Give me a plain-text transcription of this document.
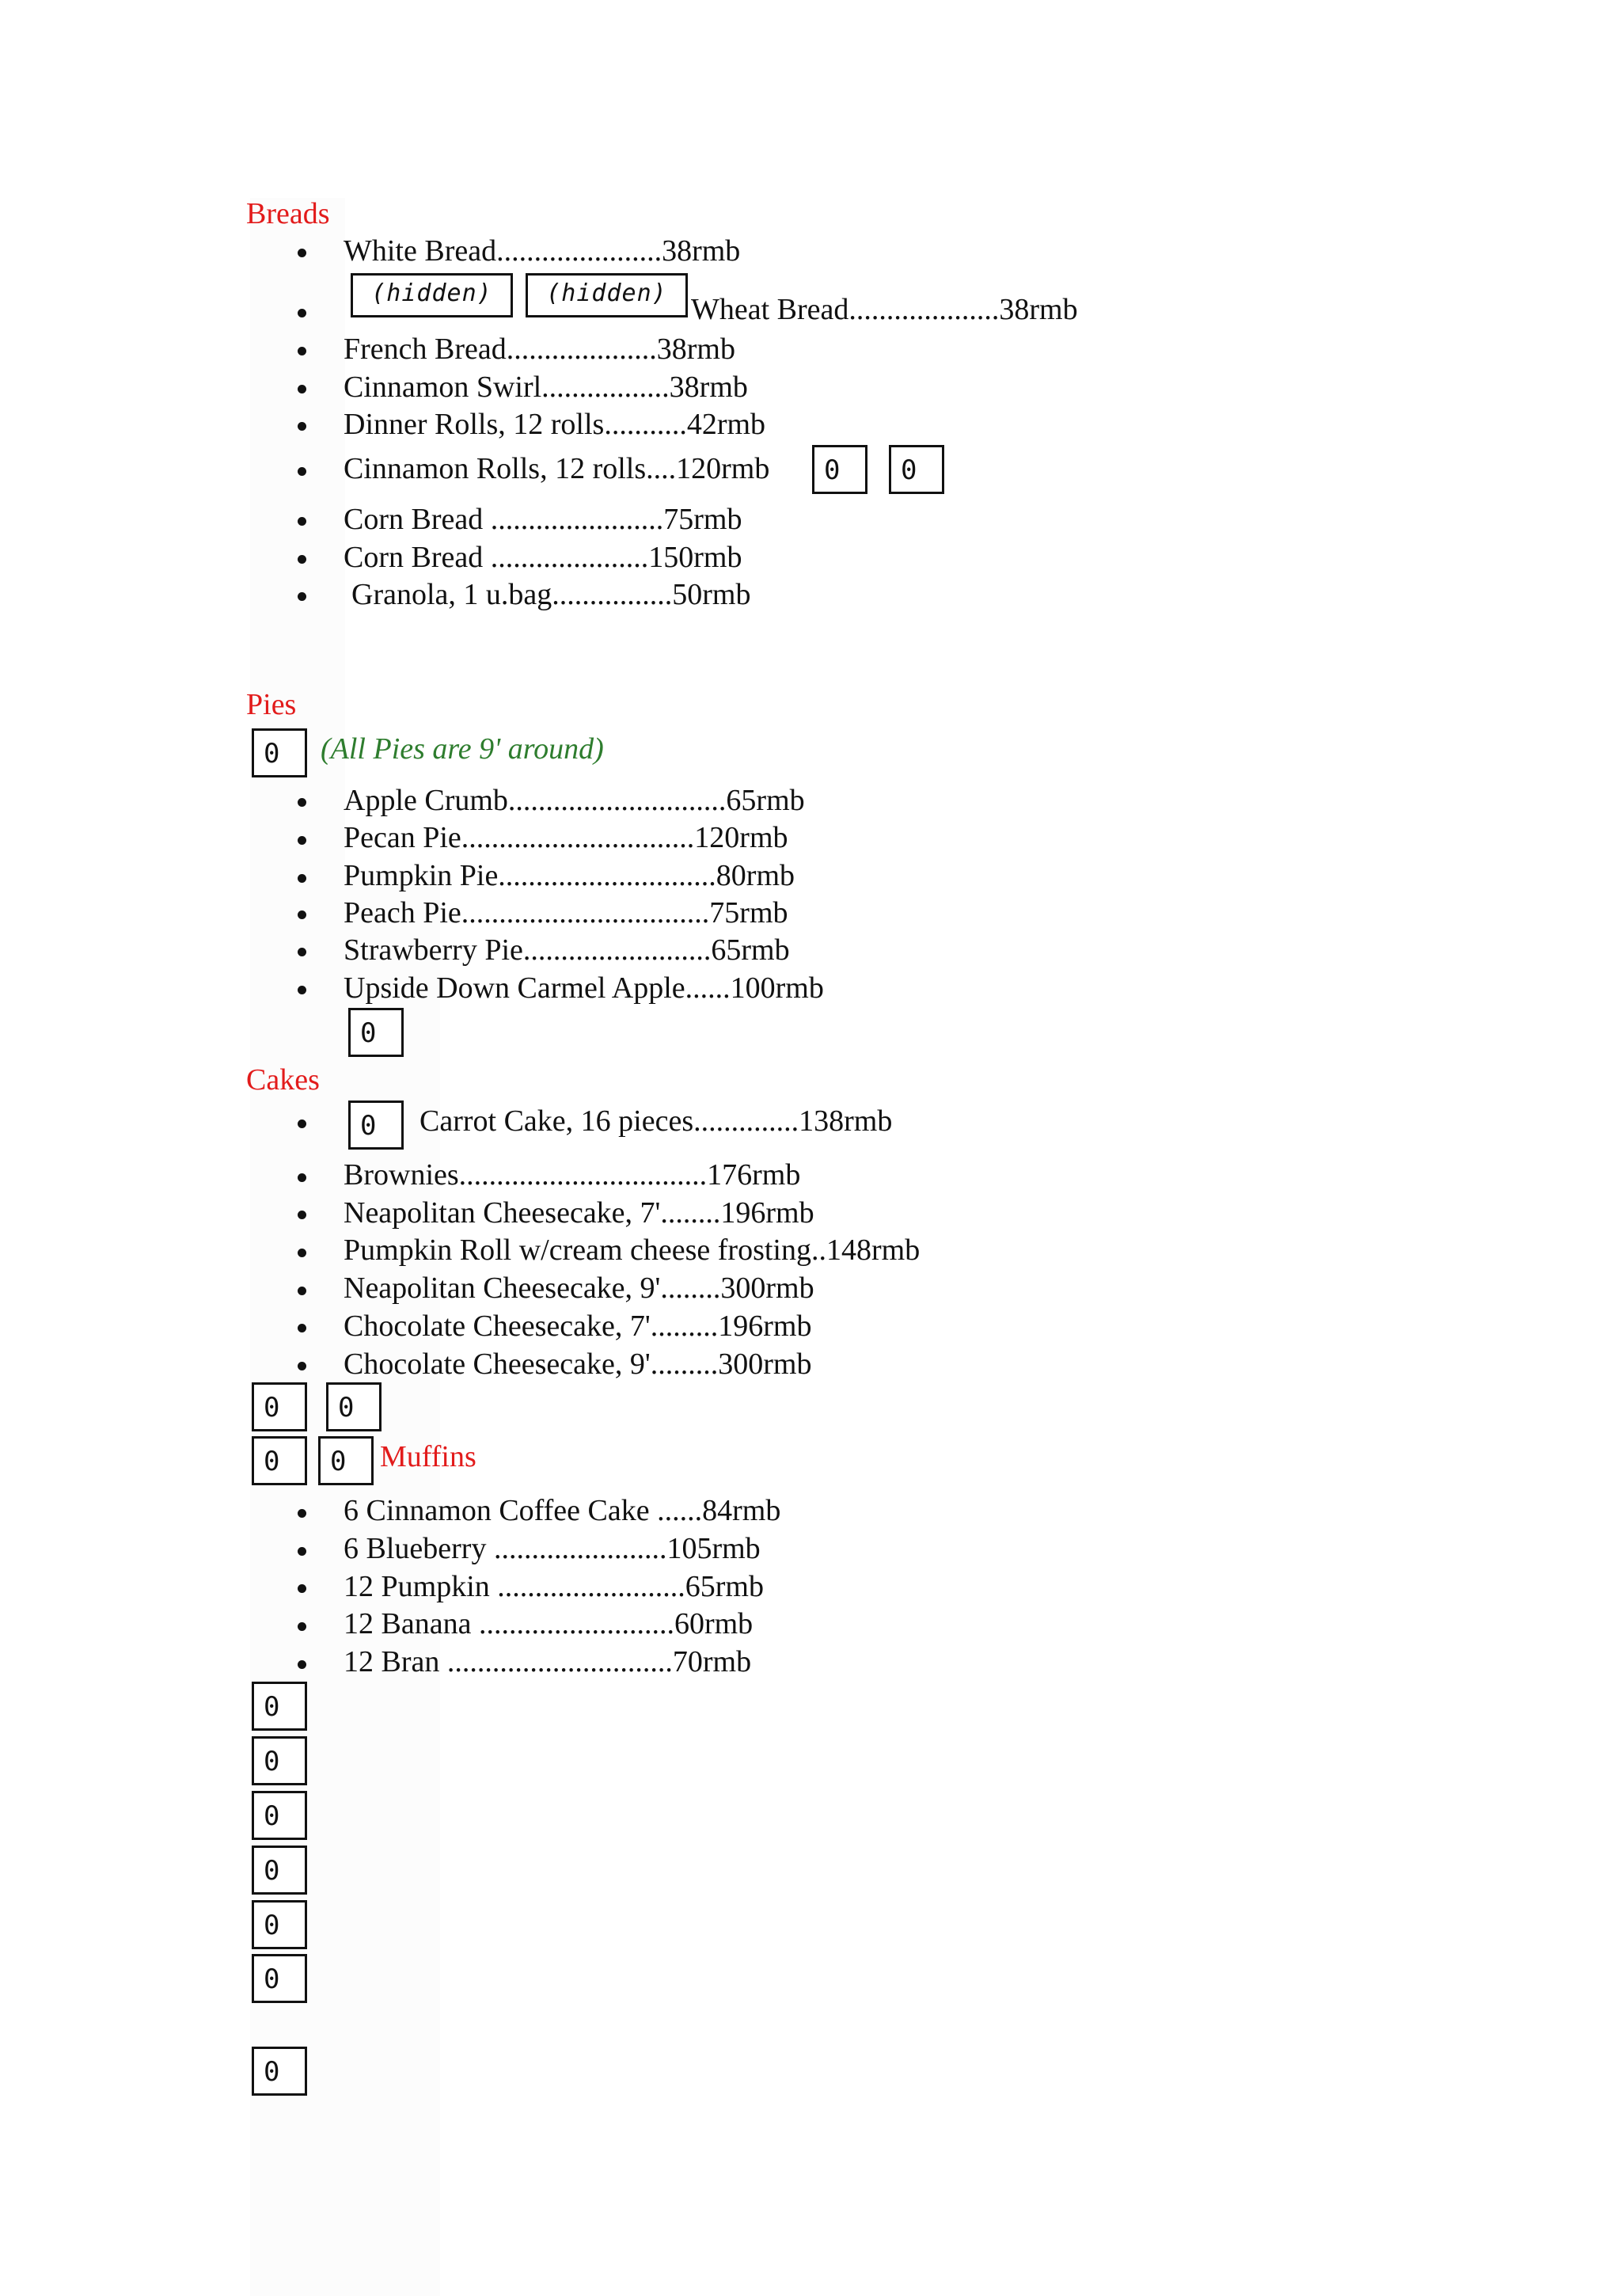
Breads
White Bread......................38rmb
(hidden)	(hidden) Wheat Bread....................38rmb
French Bread....................38rmb
Cinnamon Swirl.................38rmb
Dinner Rolls, 12 rolls...........42rmb
Cinnamon Rolls, 12 rolls....120rmb 0 0
Corn Bread .......................75rmb
Corn Bread .....................150rmb
Granola, 1 u.bag................50rmb
Pies
0 (All Pies are 9' around)
Apple Crumb.............................65rmb
Pecan Pie...............................120rmb
Pumpkin Pie.............................80rmb
Peach Pie.................................75rmb
Strawberry Pie.........................65rmb
Upside Down Carmel Apple......100rmb
0
Cakes
0 Carrot Cake, 16 pieces..............138rmb
Brownies.................................176rmb
Neapolitan Cheesecake, 7'........196rmb
Pumpkin Roll w/cream cheese frosting..148rmb
Neapolitan Cheesecake, 9'........300rmb
Chocolate Cheesecake, 7'.........196rmb
Chocolate Cheesecake, 9'.........300rmb
0 0
0 0 Muffins
6 Cinnamon Coffee Cake ......84rmb
6 Blueberry .......................105rmb
12 Pumpkin .........................65rmb
12 Banana ..........................60rmb
12 Bran ..............................70rmb
0
0
0
0
0
0
0
